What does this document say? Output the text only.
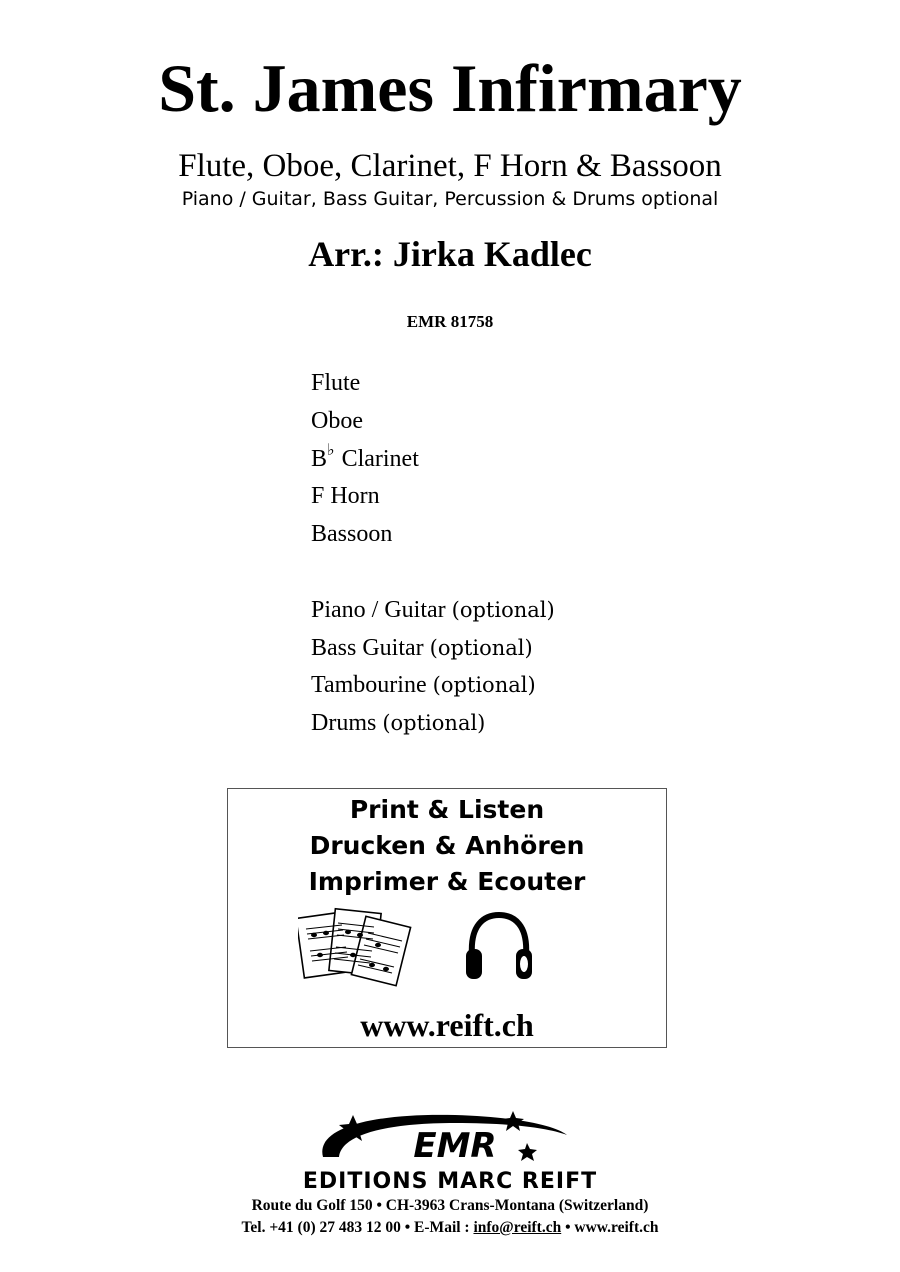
St. James Infirmary
Flute, Oboe, Clarinet, F Horn & Bassoon
Piano / Guitar, Bass Guitar, Percussion & Drums optional
Arr.: Jirka Kadlec
EMR 81758
Flute
Oboe
B♭ Clarinet
F Horn
Bassoon
Piano / Guitar (optional)
Bass Guitar (optional)
Tambourine (optional)
Drums (optional)
Print & Listen
Drucken & Anhören
Imprimer & Ecouter
www.reift.ch
EMR
EDITIONS MARC REIFT
Route du Golf 150 • CH-3963 Crans-Montana (Switzerland)
Tel. +41 (0) 27 483 12 00 • E-Mail : info@reift.ch • www.reift.ch
